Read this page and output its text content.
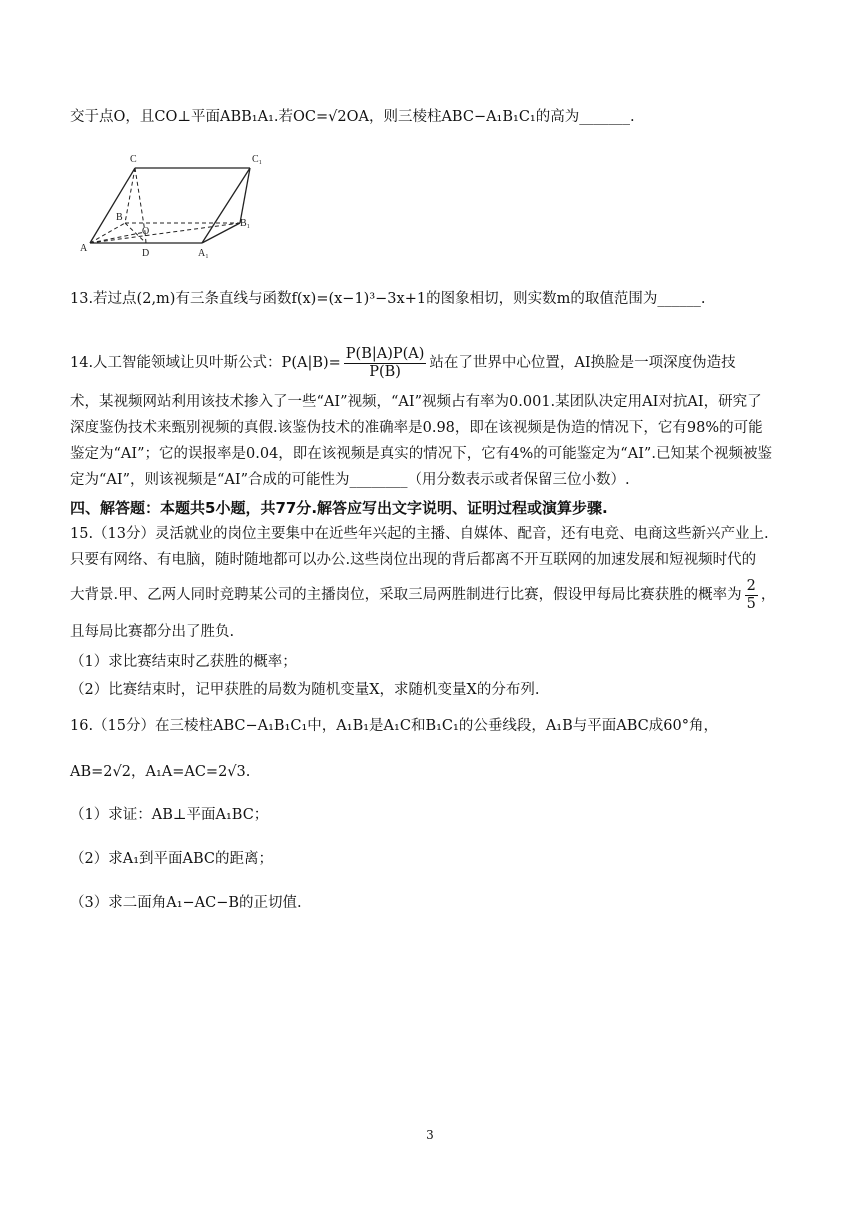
交于点O，且CO⊥平面ABB₁A₁.若OC=√2OA，则三棱柱ABC−A₁B₁C₁的高为_______.
C	C₁
B
B₁
O
A	D	A₁
13.若过点(2,m)有三条直线与函数f(x)=(x−1)³−3x+1的图象相切，则实数m的取值范围为______.
14.人工智能领域让贝叶斯公式：$P(A|B)= \frac{P(B|A)P(A)}{P(B)}$ 站在了世界中心位置，AI换脸是一项深度伪造技
术，某视频网站利用该技术掺入了一些“AI”视频，“AI”视频占有率为0.001.某团队决定用AI对抗AI，研究了
深度鉴伪技术来甄别视频的真假.该鉴伪技术的准确率是0.98，即在该视频是伪造的情况下，它有98%的可能
鉴定为“AI”；它的误报率是0.04，即在该视频是真实的情况下，它有4%的可能鉴定为“AI”.已知某个视频被鉴
定为“AI”，则该视频是“AI”合成的可能性为________（用分数表示或者保留三位小数）.
四、解答题：本题共5小题，共77分.解答应写出文字说明、证明过程或演算步骤.
15.（13分）灵活就业的岗位主要集中在近些年兴起的主播、自媒体、配音，还有电竞、电商这些新兴产业上.
只要有网络、有电脑，随时随地都可以办公.这些岗位出现的背后都离不开互联网的加速发展和短视频时代的
大背景.甲、乙两人同时竞聘某公司的主播岗位，采取三局两胜制进行比赛，假设甲每局比赛获胜的概率为 $\frac{2}{5}$ ，
且每局比赛都分出了胜负.
（1）求比赛结束时乙获胜的概率；
（2）比赛结束时，记甲获胜的局数为随机变量X，求随机变量X的分布列.
16.（15分）在三棱柱ABC−A₁B₁C₁中，A₁B₁是A₁C和B₁C₁的公垂线段，A₁B与平面ABC成60°角，
AB=2√2，A₁A=AC=2√3.
（1）求证：AB⊥平面A₁BC；
（2）求A₁到平面ABC的距离；
（3）求二面角A₁−AC−B的正切值.
3
